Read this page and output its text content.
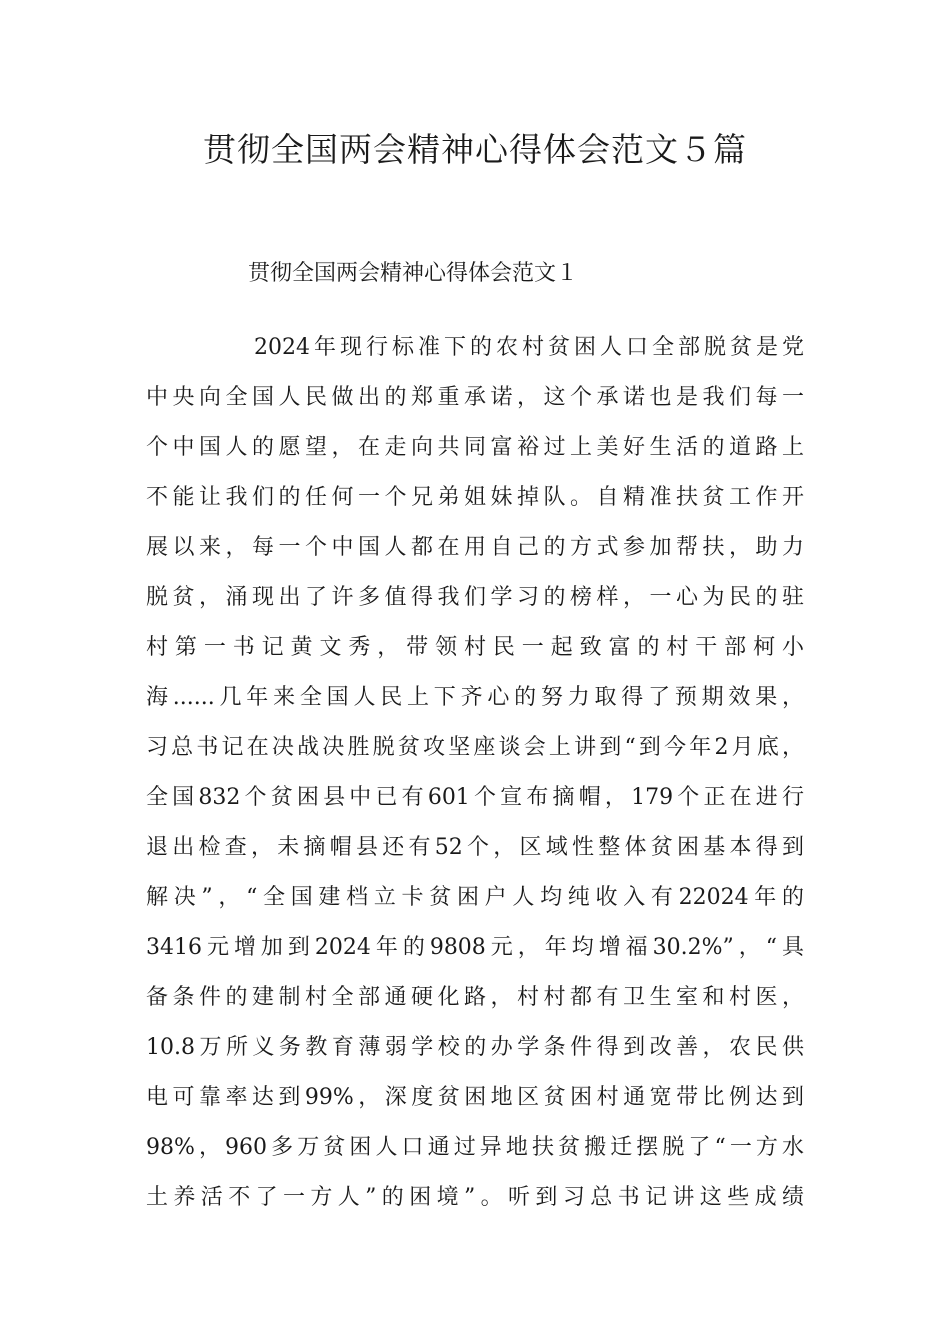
贯彻全国两会精神心得体会范文５篇
贯彻全国两会精神心得体会范文１
2024年现行标准下的农村贫困人口全部脱贫是党
中央向全国人民做出的郑重承诺，这个承诺也是我们每一
个中国人的愿望，在走向共同富裕过上美好生活的道路上
不能让我们的任何一个兄弟姐妹掉队。自精准扶贫工作开
展以来，每一个中国人都在用自己的方式参加帮扶，助力
脱贫，涌现出了许多值得我们学习的榜样，一心为民的驻
村第一书记黄文秀，带领村民一起致富的村干部柯小
海......几年来全国人民上下齐心的努力取得了预期效果，
习总书记在决战决胜脱贫攻坚座谈会上讲到“到今年2月底，
全国832个贫困县中已有601个宣布摘帽，179个正在进行
退出检查，未摘帽县还有52个，区域性整体贫困基本得到
解决”，“全国建档立卡贫困户人均纯收入有22024年的
3416元增加到2024年的9808元，年均增福30.2%”，“具
备条件的建制村全部通硬化路，村村都有卫生室和村医，
10.8万所义务教育薄弱学校的办学条件得到改善，农民供
电可靠率达到99%，深度贫困地区贫困村通宽带比例达到
98%，960多万贫困人口通过异地扶贫搬迁摆脱了“一方水
土养活不了一方人”的困境”。听到习总书记讲这些成绩
